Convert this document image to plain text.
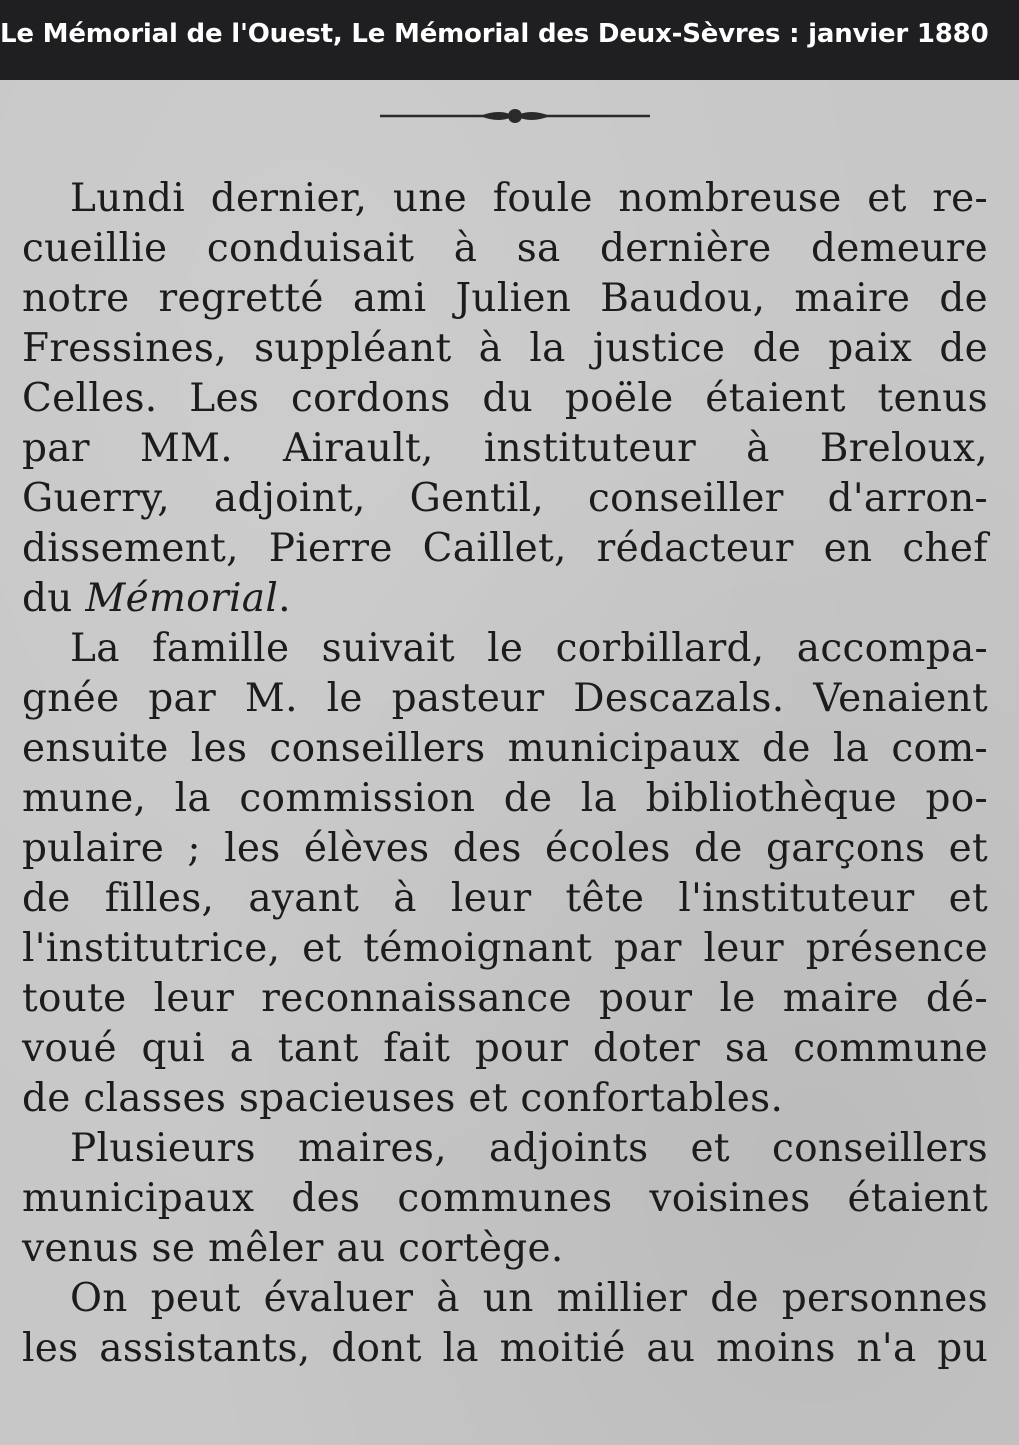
Le Mémorial de l'Ouest, Le Mémorial des Deux-Sèvres : janvier 1880
Lundi dernier, une foule nombreuse et re-
cueillie conduisait à sa dernière demeure
notre regretté ami Julien Baudou, maire de
Fressines, suppléant à la justice de paix de
Celles. Les cordons du poële étaient tenus
par MM. Airault, instituteur à Breloux,
Guerry, adjoint, Gentil, conseiller d'arron-
dissement, Pierre Caillet, rédacteur en chef
du Mémorial.
La famille suivait le corbillard, accompa-
gnée par M. le pasteur Descazals. Venaient
ensuite les conseillers municipaux de la com-
mune, la commission de la bibliothèque po-
pulaire ; les élèves des écoles de garçons et
de filles, ayant à leur tête l'instituteur et
l'institutrice, et témoignant par leur présence
toute leur reconnaissance pour le maire dé-
voué qui a tant fait pour doter sa commune
de classes spacieuses et confortables.
Plusieurs maires, adjoints et conseillers
municipaux des communes voisines étaient
venus se mêler au cortège.
On peut évaluer à un millier de personnes
les assistants, dont la moitié au moins n'a pu
